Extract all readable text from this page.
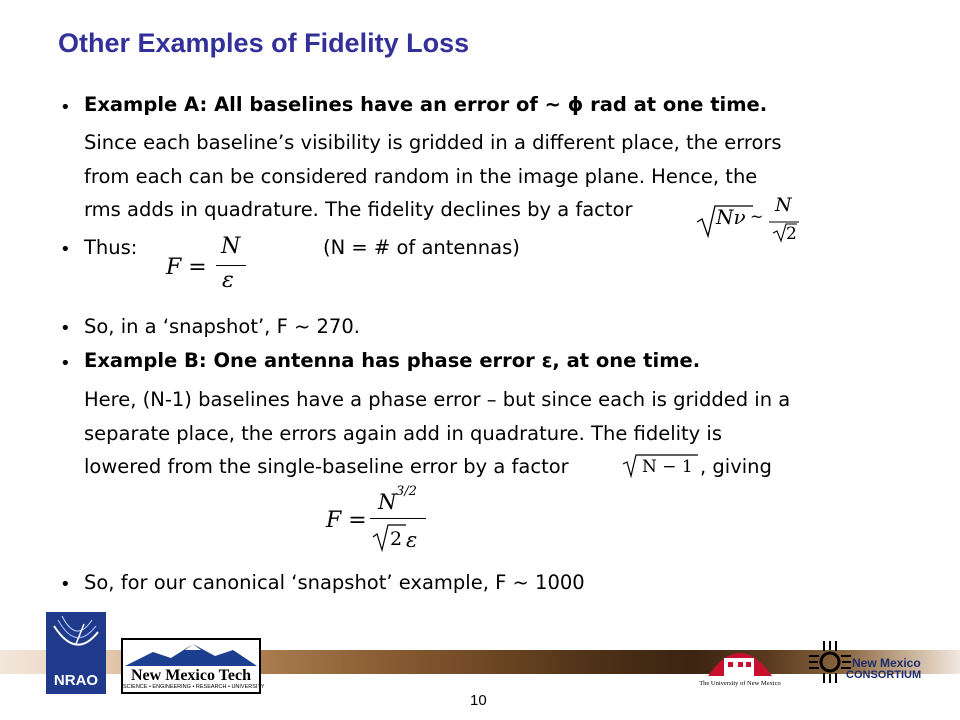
Other Examples of Fidelity Loss
• Example A: All baselines have an error of ~ ϕ rad at one time.
Since each baseline’s visibility is gridded in a different place, the errors
from each can be considered random in the image plane. Hence, the
rms adds in quadrature. The fidelity declines by a factor	Nν ~
N
2
• Thus:
F =
N
ε
(N = # of antennas)
• So, in a ‘snapshot’, F ~ 270.
• Example B: One antenna has phase error ε, at one time.
Here, (N-1) baselines have a phase error – but since each is gridded in a
separate place, the errors again add in quadrature. The fidelity is
lowered from the single-baseline error by a factor	N − 1 , giving
F =
N 3/2
2 ε
• So, for our canonical ‘snapshot’ example, F ~ 1000
NRAO	New Mexico Tech
SCIENCE • ENGINEERING • RESEARCH • UNIVERSITY	The University of New Mexico
New Mexico
CONSORTIUM
10
